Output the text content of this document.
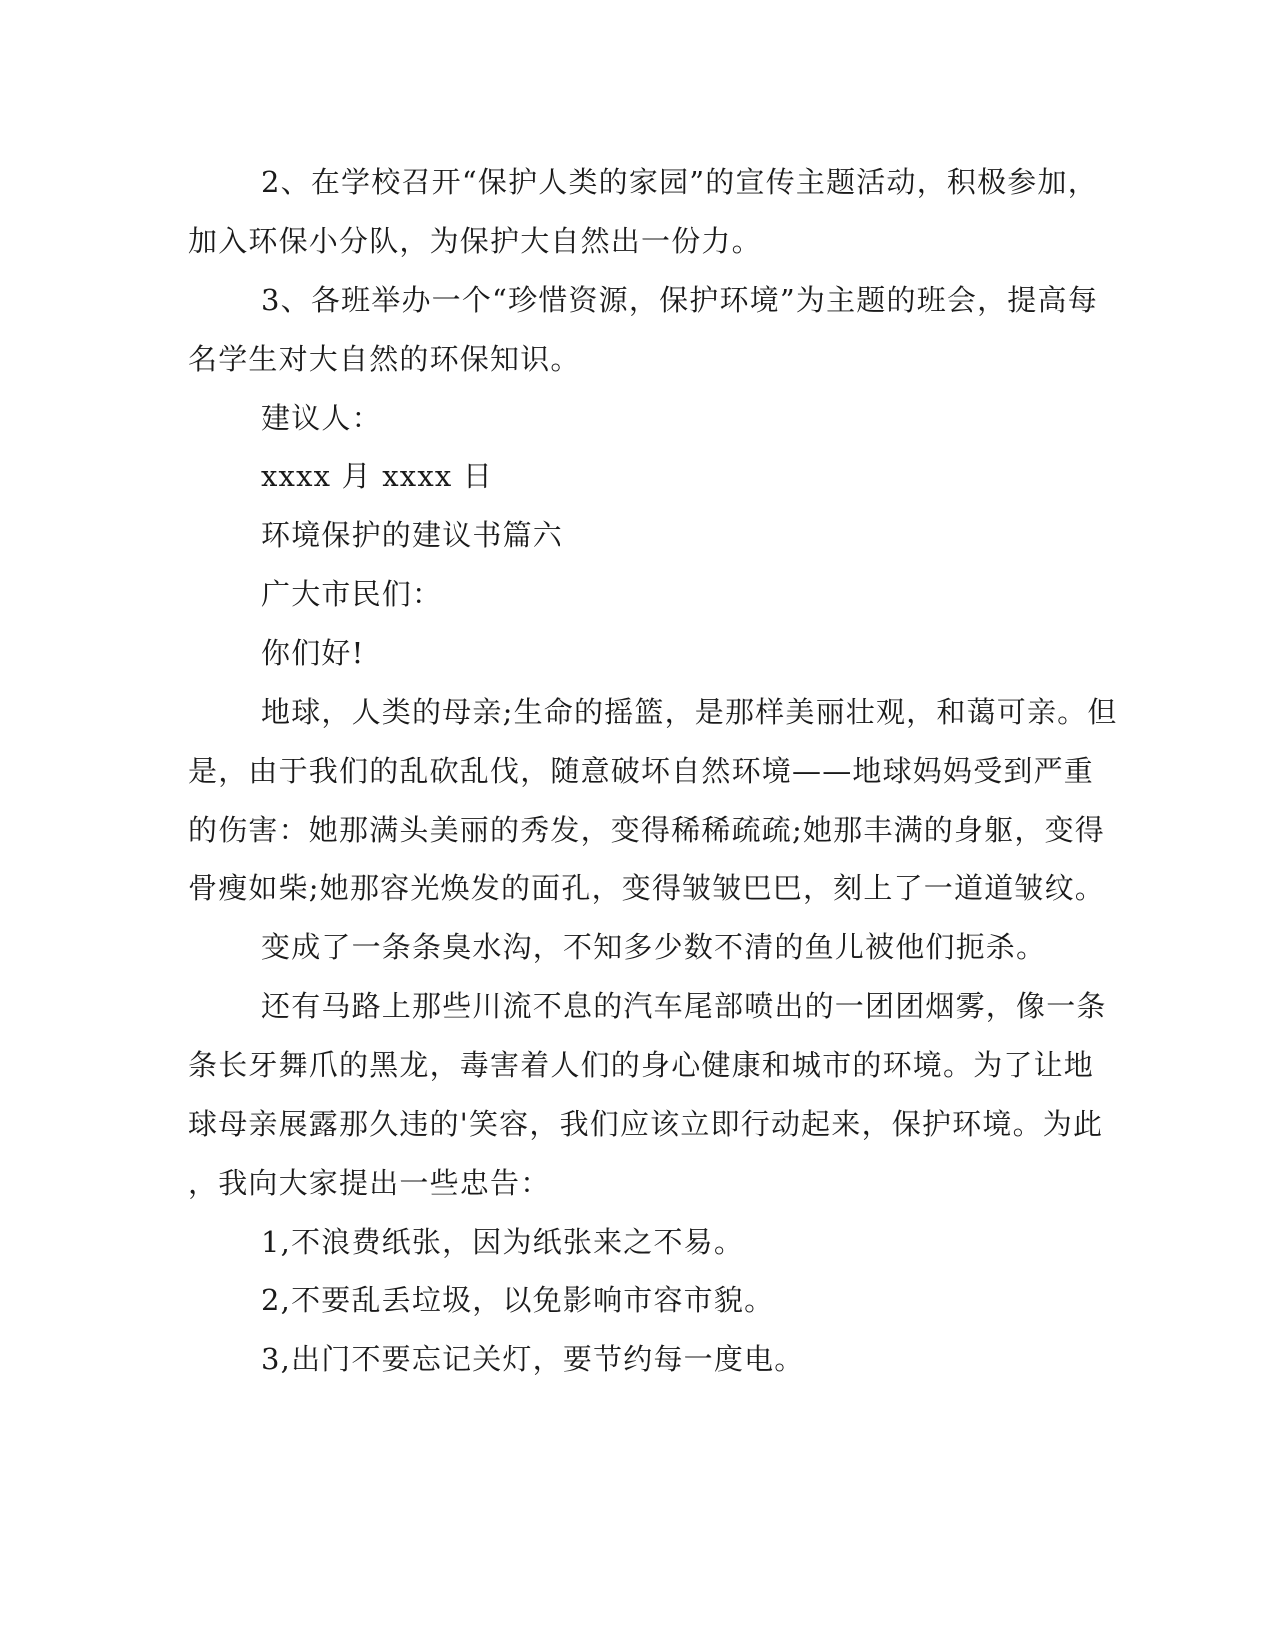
2、在学校召开“保护人类的家园”的宣传主题活动，积极参加，

加入环保小分队，为保护大自然出一份力。

3、各班举办一个“珍惜资源，保护环境”为主题的班会，提高每

名学生对大自然的环保知识。

建议人：

xxxx 月 xxxx 日

环境保护的建议书篇六

广大市民们：

你们好!

地球，人类的母亲;生命的摇篮，是那样美丽壮观，和蔼可亲。但

是，由于我们的乱砍乱伐，随意破坏自然环境——地球妈妈受到严重

的伤害：她那满头美丽的秀发，变得稀稀疏疏;她那丰满的身躯，变得

骨瘦如柴;她那容光焕发的面孔，变得皱皱巴巴，刻上了一道道皱纹。

变成了一条条臭水沟，不知多少数不清的鱼儿被他们扼杀。

还有马路上那些川流不息的汽车尾部喷出的一团团烟雾，像一条

条长牙舞爪的黑龙，毒害着人们的身心健康和城市的环境。为了让地

球母亲展露那久违的'笑容，我们应该立即行动起来，保护环境。为此

，我向大家提出一些忠告：

1,不浪费纸张，因为纸张来之不易。

2,不要乱丢垃圾，以免影响市容市貌。

3,出门不要忘记关灯，要节约每一度电。
